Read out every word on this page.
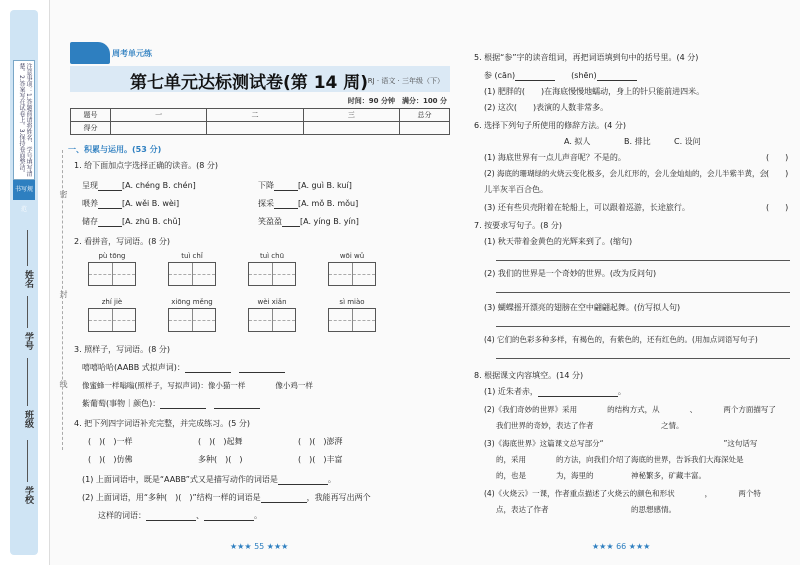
注意事项：1.答题前请将姓名、学号填写清楚。2.答案写在试卷上。3.保持卷面整洁。
书写规范
姓名
学号
班级
学校
密
封
线
周考单元练
第七单元达标测试卷(第 14 周) RJ · 语文 · 三年级（下）
时间：90 分钟　满分：100 分
题号	一	二	三	总分
得分				
一、积累与运用。(53 分)
1. 给下面加点字选择正确的读音。(8 分)
呈现	[A. chéng B. chén]	下降	[A. guì B. kuí]
喂养	[A. wěi B. wèi]	探采	[A. mǒ B. mǒu]
储存	[A. zhū B. chǔ]	笑盈盈 [A. yíng B. yín]
2. 看拼音，写词语。(8 分)
pù tōng	tuì chǐ	tuì chū	wōi wǔ
zhí jiè	xiōng měng	wèi xiǎn	sì miào
3. 照样子，写词语。(8 分)
嘻嘻哈哈(AABB 式拟声词)：　
像蜜蜂一样嗡嗡(照样子，写拟声词)：像小猫一样　　　　像小鸡一样
紫葡萄(事物｜颜色)：　
4. 把下列四字词语补充完整，并完成练习。(5 分)
(　)(　)一样	(　)(　)起舞	(　)(　)澎湃
(　)(　)仿佛	多种(　)(　)	(　)(　)丰富
(1) 上面词语中，既是“AABB”式又是描写动作的词语是	。
(2) 上面词语，用“多种(　)(　)”结构一样的词语是	，我能再写出两个
这样的词语：	、	。
★★★ 55 ★★★
5. 根据“参”字的读音组词，再把词语填到句中的括号里。(4 分)
参 (cān)　　	(shēn)
(1) 肥胖的(　　)在海底慢慢地蠕动，身上的针只能前进四米。
(2) 这次(　　)表演的人数非常多。
6. 选择下列句子所使用的修辞方法。(4 分)
A. 拟人	B. 排比	C. 设问
(1) 海底世界有一点儿声音呢？不是的。	(　　)
(2) 海底的珊瑚绿的火烧云变化极多，会儿红形的，会儿金灿灿的，会儿半紫半黄，会
(　　)
儿半灰半百合色。
(3) 还有些贝壳附着在轮船上，可以跟着巡游，长途旅行。	(　　)
7. 按要求写句子。(8 分)
(1) 秋天带着金黄色的光辉来到了。(缩句)
(2) 我们的世界是一个奇妙的世界。(改为反问句)
(3) 蝴蝶摇开漂亮的翅膀在空中翩翩起舞。(仿写拟人句)
(4) 它们的色彩多种多样，有褐色的，有紫色的，还有红色的。(用加点词语写句子)
8. 根据课文内容填空。(14 分)
(1) 近朱者赤，	。
(2)《我们奇妙的世界》采用　　　　的结构方式，从　　　　、　　　　两个方面描写了
我们世界的奇妙，表达了作者　　　　　　　　　之情。
(3)《海底世界》这篇课文总写部分“　　　　　　　　　　　　　　　　”这句话写
的，采用　　　　的方法，向我们介绍了海底的世界，告诉我们大海深处是　　　　
的，也是　　　　为，海里的　　　　　神秘繁多，矿藏丰富。
(4)《火烧云》一课，作者重点描述了火烧云的颜色和形状　　　　，　　　　两个特
点，表达了作者　　　　　　　　　　　的思想感情。
★★★ 66 ★★★
